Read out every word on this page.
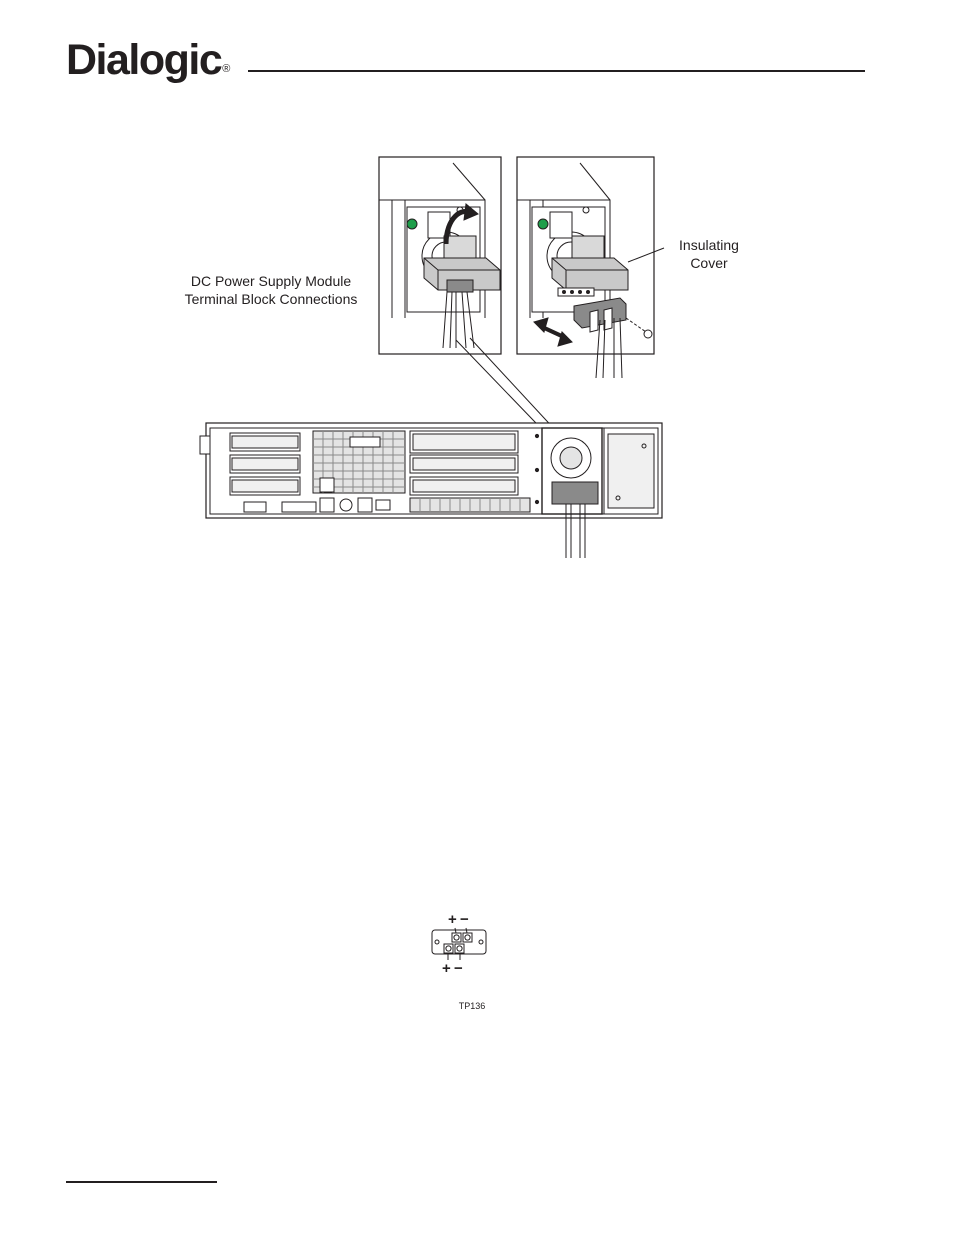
Dialogic®
+ −
+ −
DC Power Supply Module
Terminal Block Connections
Insulating
Cover
TP136
